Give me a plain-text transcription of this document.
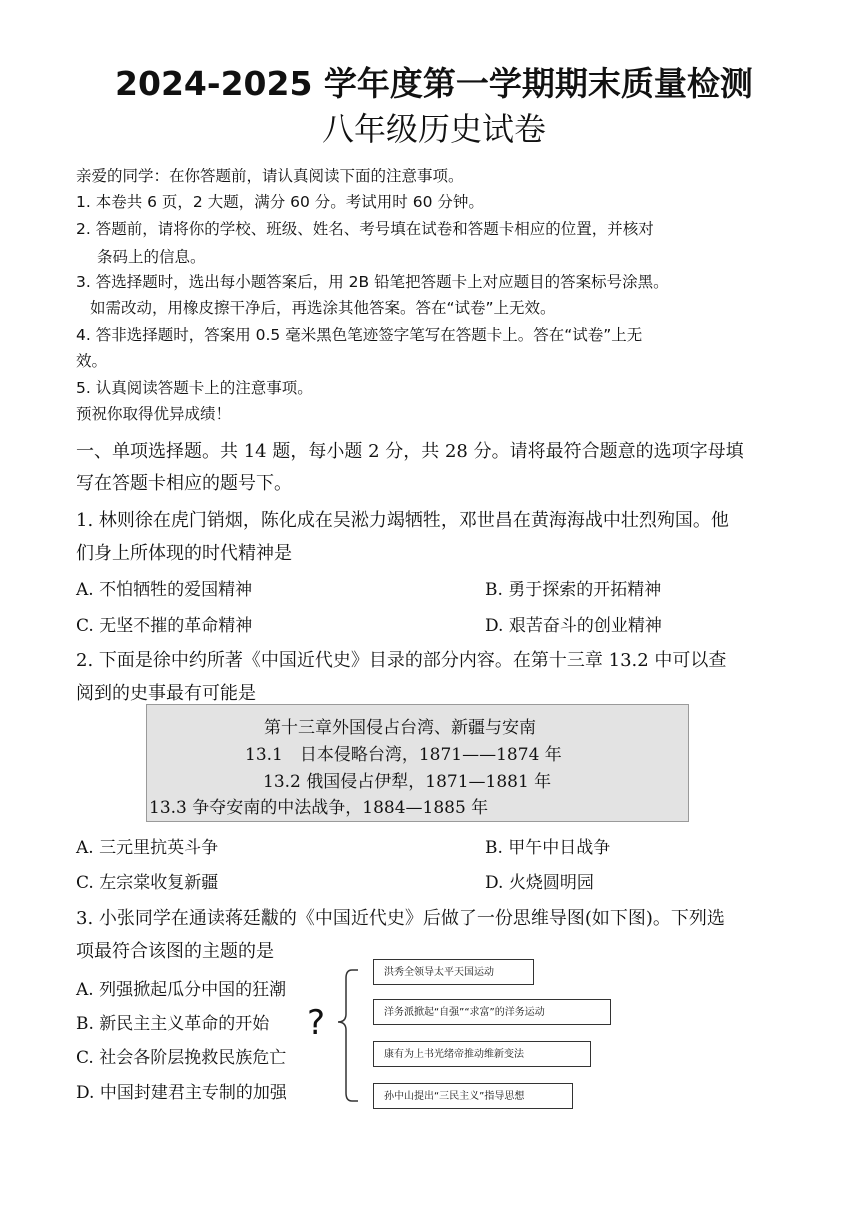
2024-2025 学年度第一学期期末质量检测
八年级历史试卷
亲爱的同学：在你答题前，请认真阅读下面的注意事项。
1. 本卷共 6 页，2 大题，满分 60 分。考试用时 60 分钟。
2. 答题前，请将你的学校、班级、姓名、考号填在试卷和答题卡相应的位置，并核对
条码上的信息。
3. 答选择题时，选出每小题答案后，用 2B 铅笔把答题卡上对应题目的答案标号涂黑。
如需改动，用橡皮擦干净后，再选涂其他答案。答在“试卷”上无效。
4. 答非选择题时，答案用 0.5 毫米黑色笔迹签字笔写在答题卡上。答在“试卷”上无
效。
5. 认真阅读答题卡上的注意事项。
预祝你取得优异成绩！
一、单项选择题。共 14 题，每小题 2 分，共 28 分。请将最符合题意的选项字母填
写在答题卡相应的题号下。
1. 林则徐在虎门销烟，陈化成在吴淞力竭牺牲，邓世昌在黄海海战中壮烈殉国。他
们身上所体现的时代精神是
A. 不怕牺牲的爱国精神	B. 勇于探索的开拓精神
C. 无坚不摧的革命精神	D. 艰苦奋斗的创业精神
2. 下面是徐中约所著《中国近代史》目录的部分内容。在第十三章 13.2 中可以查
阅到的史事最有可能是
第十三章外国侵占台湾、新疆与安南
13.1　日本侵略台湾，1871——1874 年
13.2 俄国侵占伊犁，1871—1881 年
13.3 争夺安南的中法战争，1884—1885 年
A. 三元里抗英斗争	B. 甲午中日战争
C. 左宗棠收复新疆	D. 火烧圆明园
3. 小张同学在通读蒋廷黻的《中国近代史》后做了一份思维导图(如下图)。下列选
项最符合该图的主题的是
A. 列强掀起瓜分中国的狂潮
B. 新民主主义革命的开始
C. 社会各阶层挽救民族危亡
D. 中国封建君主专制的加强
?
洪秀全领导太平天国运动
洋务派掀起“自强”“求富”的洋务运动
康有为上书光绪帝推动维新变法
孙中山提出“三民主义”指导思想
